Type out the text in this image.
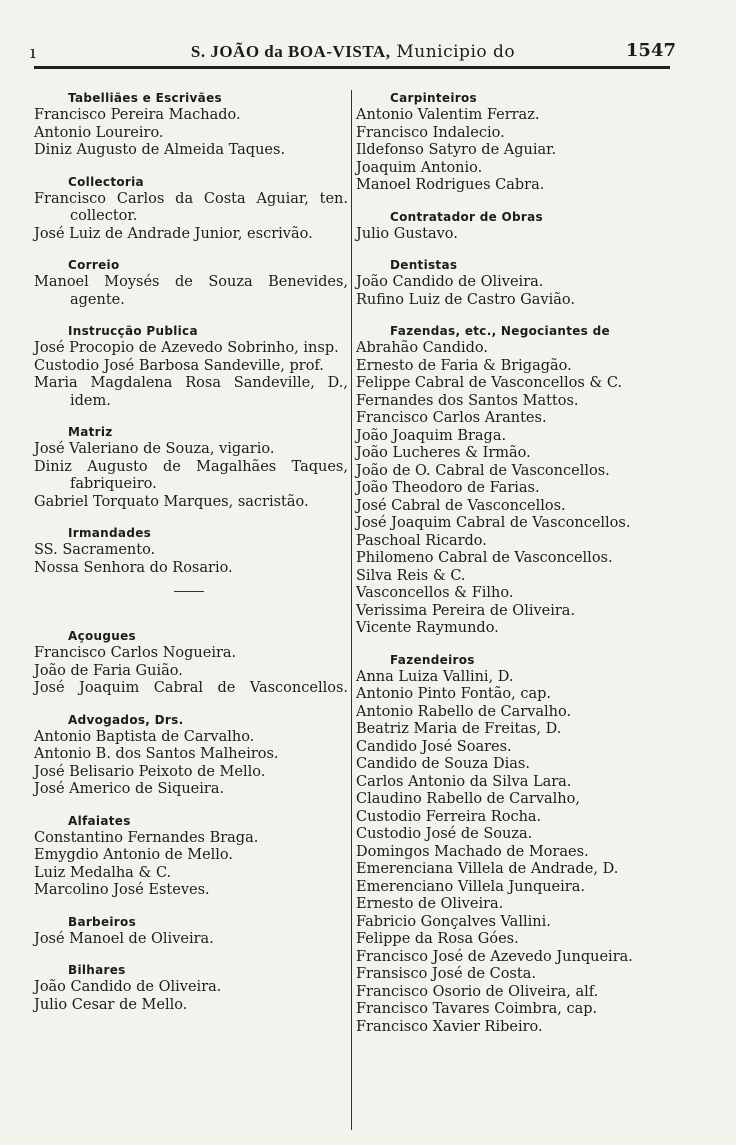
ı	S. JOÃO da BOA-VISTA, Municipio do	1547
Tabelliães e Escrivães
Francisco Pereira Machado.
Antonio Loureiro.
Diniz Augusto de Almeida Taques.
Collectoria
Francisco Carlos da Costa Aguiar, ten.
collector.
José Luiz de Andrade Junior, escrivão.
Correio
Manoel Moysés de Souza Benevides,
agente.
Instrucção Publica
José Procopio de Azevedo Sobrinho, insp.
Custodio José Barbosa Sandeville, prof.
Maria Magdalena Rosa Sandeville, D.,
idem.
Matriz
José Valeriano de Souza, vigario.
Diniz Augusto de Magalhães Taques,
fabriqueiro.
Gabriel Torquato Marques, sacristão.
Irmandades
SS. Sacramento.
Nossa Senhora do Rosario.
Açougues
Francisco Carlos Nogueira.
João de Faria Guião.
José Joaquim Cabral de Vasconcellos.
Advogados, Drs.
Antonio Baptista de Carvalho.
Antonio B. dos Santos Malheiros.
José Belisario Peixoto de Mello.
José Americo de Siqueira.
Alfaiates
Constantino Fernandes Braga.
Emygdio Antonio de Mello.
Luiz Medalha & C.
Marcolino José Esteves.
Barbeiros
José Manoel de Oliveira.
Bilhares
João Candido de Oliveira.
Julio Cesar de Mello.
Carpinteiros
Antonio Valentim Ferraz.
Francisco Indalecio.
Ildefonso Satyro de Aguiar.
Joaquim Antonio.
Manoel Rodrigues Cabra.
Contratador de Obras
Julio Gustavo.
Dentistas
João Candido de Oliveira.
Rufino Luiz de Castro Gavião.
Fazendas, etc., Negociantes de
Abrahão Candido.
Ernesto de Faria & Brigagão.
Felippe Cabral de Vasconcellos & C.
Fernandes dos Santos Mattos.
Francisco Carlos Arantes.
João Joaquim Braga.
João Lucheres & Irmão.
João de O. Cabral de Vasconcellos.
João Theodoro de Farias.
José Cabral de Vasconcellos.
José Joaquim Cabral de Vasconcellos.
Paschoal Ricardo.
Philomeno Cabral de Vasconcellos.
Silva Reis & C.
Vasconcellos & Filho.
Verissima Pereira de Oliveira.
Vicente Raymundo.
Fazendeiros
Anna Luiza Vallini, D.
Antonio Pinto Fontão, cap.
Antonio Rabello de Carvalho.
Beatriz Maria de Freitas, D.
Candido José Soares.
Candido de Souza Dias.
Carlos Antonio da Silva Lara.
Claudino Rabello de Carvalho,
Custodio Ferreira Rocha.
Custodio José de Souza.
Domingos Machado de Moraes.
Emerenciana Villela de Andrade, D.
Emerenciano Villela Junqueira.
Ernesto de Oliveira.
Fabricio Gonçalves Vallini.
Felippe da Rosa Góes.
Francisco José de Azevedo Junqueira.
Fransisco José de Costa.
Francisco Osorio de Oliveira, alf.
Francisco Tavares Coimbra, cap.
Francisco Xavier Ribeiro.
